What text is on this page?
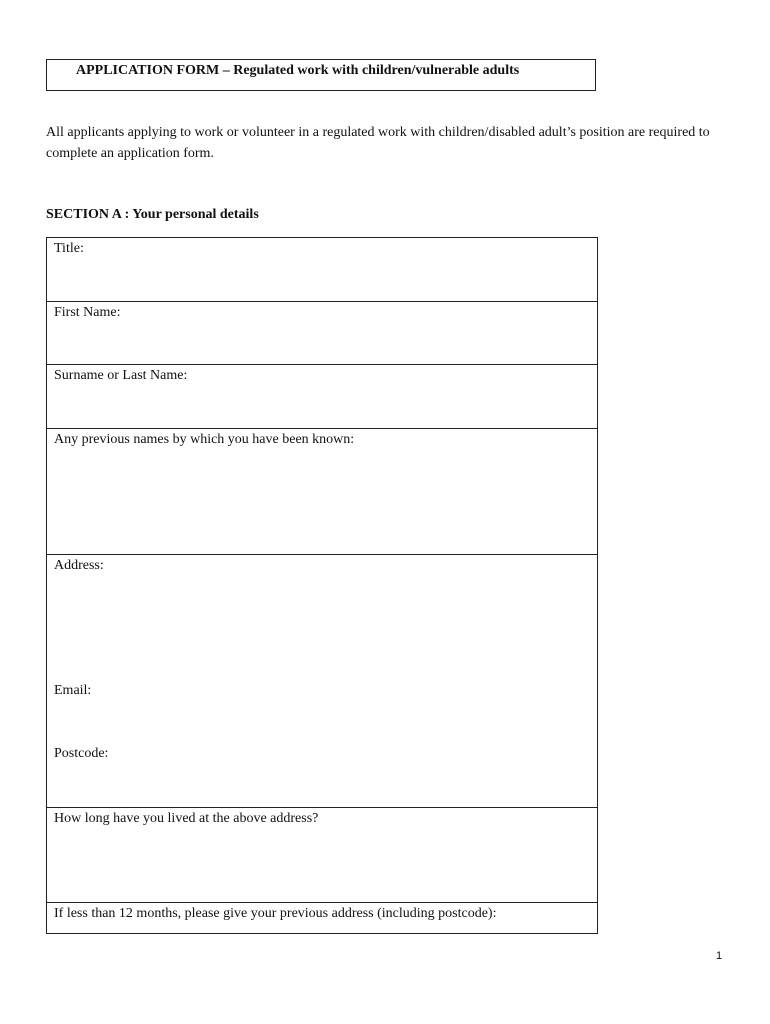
APPLICATION FORM – Regulated work with children/vulnerable adults
All applicants applying to work or volunteer in a regulated work with children/disabled adult’s position are required to complete an application form.
SECTION A : Your personal details
Title:
First Name:
Surname or Last Name:
Any previous names by which you have been known:
Address:
Email:
Postcode:
How long have you lived at the above address?
If less than 12 months, please give your previous address (including postcode):
1
